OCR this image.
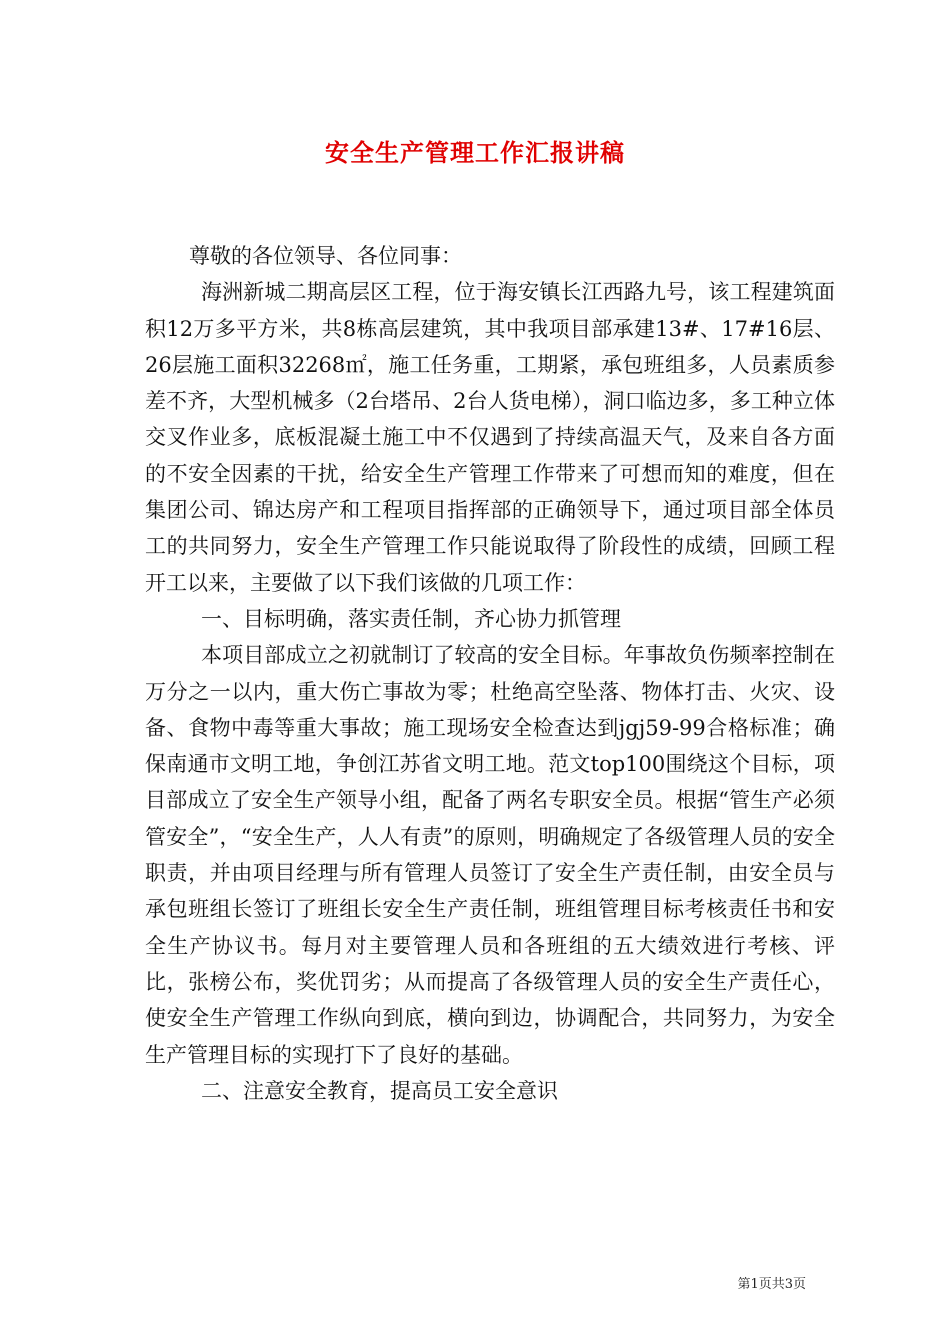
安全生产管理工作汇报讲稿

尊敬的各位领导、各位同事：

海洲新城二期高层区工程，位于海安镇长江西路九号，该工程建筑面积12万多平方米，共8栋高层建筑，其中我项目部承建13#、17#16层、26层施工面积32268㎡，施工任务重，工期紧，承包班组多，人员素质参差不齐，大型机械多（2台塔吊、2台人货电梯），洞口临边多，多工种立体交叉作业多，底板混凝土施工中不仅遇到了持续高温天气，及来自各方面的不安全因素的干扰，给安全生产管理工作带来了可想而知的难度，但在集团公司、锦达房产和工程项目指挥部的正确领导下，通过项目部全体员工的共同努力，安全生产管理工作只能说取得了阶段性的成绩，回顾工程开工以来，主要做了以下我们该做的几项工作：

一、目标明确，落实责任制，齐心协力抓管理

本项目部成立之初就制订了较高的安全目标。年事故负伤频率控制在万分之一以内，重大伤亡事故为零；杜绝高空坠落、物体打击、火灾、设备、食物中毒等重大事故；施工现场安全检查达到jgj59-99合格标准；确保南通市文明工地，争创江苏省文明工地。范文top100围绕这个目标，项目部成立了安全生产领导小组，配备了两名专职安全员。根据“管生产必须管安全”，“安全生产，人人有责”的原则，明确规定了各级管理人员的安全职责，并由项目经理与所有管理人员签订了安全生产责任制，由安全员与承包班组长签订了班组长安全生产责任制，班组管理目标考核责任书和安全生产协议书。每月对主要管理人员和各班组的五大绩效进行考核、评比，张榜公布，奖优罚劣；从而提高了各级管理人员的安全生产责任心，使安全生产管理工作纵向到底，横向到边，协调配合，共同努力，为安全生产管理目标的实现打下了良好的基础。

二、注意安全教育，提高员工安全意识

第1页共3页
